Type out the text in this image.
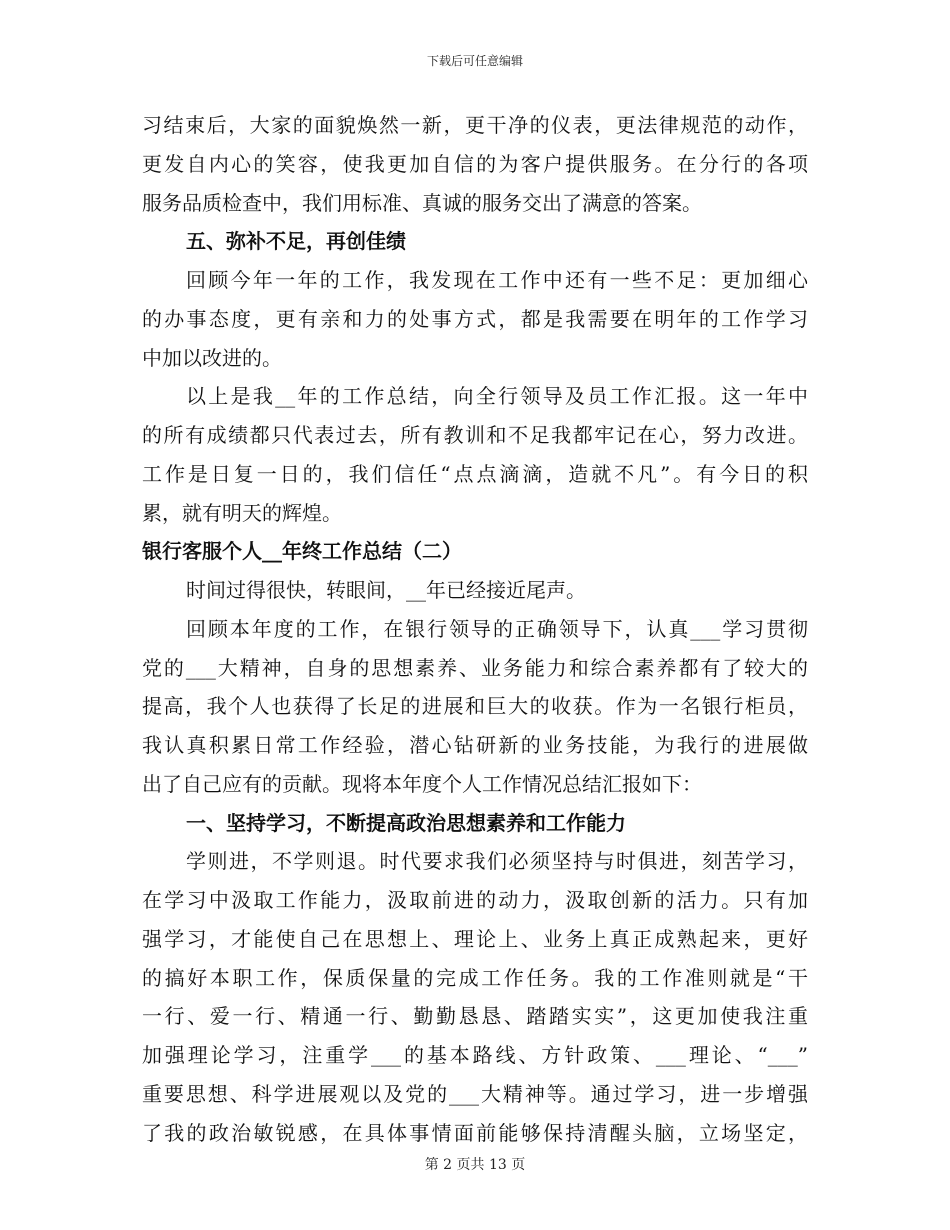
下载后可任意编辑
习结束后，大家的面貌焕然一新，更干净的仪表，更法律规范的动作，
更发自内心的笑容，使我更加自信的为客户提供服务。在分行的各项
服务品质检查中，我们用标准、真诚的服务交出了满意的答案。
五、弥补不足，再创佳绩
回顾今年一年的工作，我发现在工作中还有一些不足：更加细心
的办事态度，更有亲和力的处事方式，都是我需要在明年的工作学习
中加以改进的。
以上是我__年的工作总结，向全行领导及员工作汇报。这一年中
的所有成绩都只代表过去，所有教训和不足我都牢记在心，努力改进。
工作是日复一日的，我们信任“点点滴滴，造就不凡”。有今日的积
累，就有明天的辉煌。
银行客服个人__年终工作总结（二）
时间过得很快，转眼间，__年已经接近尾声。
回顾本年度的工作，在银行领导的正确领导下，认真___学习贯彻
党的___大精神，自身的思想素养、业务能力和综合素养都有了较大的
提高，我个人也获得了长足的进展和巨大的收获。作为一名银行柜员，
我认真积累日常工作经验，潜心钻研新的业务技能，为我行的进展做
出了自己应有的贡献。现将本年度个人工作情况总结汇报如下：
一、坚持学习，不断提高政治思想素养和工作能力
学则进，不学则退。时代要求我们必须坚持与时俱进，刻苦学习，
在学习中汲取工作能力，汲取前进的动力，汲取创新的活力。只有加
强学习，才能使自己在思想上、理论上、业务上真正成熟起来，更好
的搞好本职工作，保质保量的完成工作任务。我的工作准则就是“干
一行、爱一行、精通一行、勤勤恳恳、踏踏实实”，这更加使我注重
加强理论学习，注重学___的基本路线、方针政策、___理论、“___”
重要思想、科学进展观以及党的___大精神等。通过学习，进一步增强
了我的政治敏锐感，在具体事情面前能够保持清醒头脑，立场坚定，
第 2 页共 13 页
